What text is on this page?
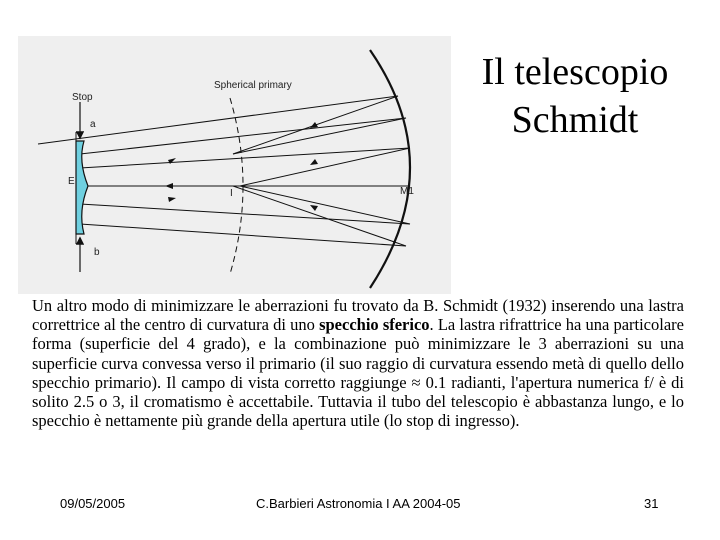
Spherical primary
Stop
a
E
b
I	M1
Il telescopio
Schmidt
Un altro modo di minimizzare le aberrazioni fu trovato da B. Schmidt (1932) inserendo una lastra correttrice al the centro di curvatura di uno specchio sferico. La lastra rifrattrice ha una particolare forma (superficie del 4 grado), e la combinazione può minimizzare le 3 aberrazioni su una superficie curva convessa verso il primario (il suo raggio di curvatura essendo metà di quello dello specchio primario). Il campo di vista corretto raggiunge ≈ 0.1 radianti, l'apertura numerica f/ è di solito 2.5 o 3, il cromatismo è accettabile. Tuttavia il tubo del telescopio è abbastanza lungo, e lo specchio è nettamente più grande della apertura utile (lo stop di ingresso).
09/05/2005	C.Barbieri Astronomia I AA 2004-05	31
